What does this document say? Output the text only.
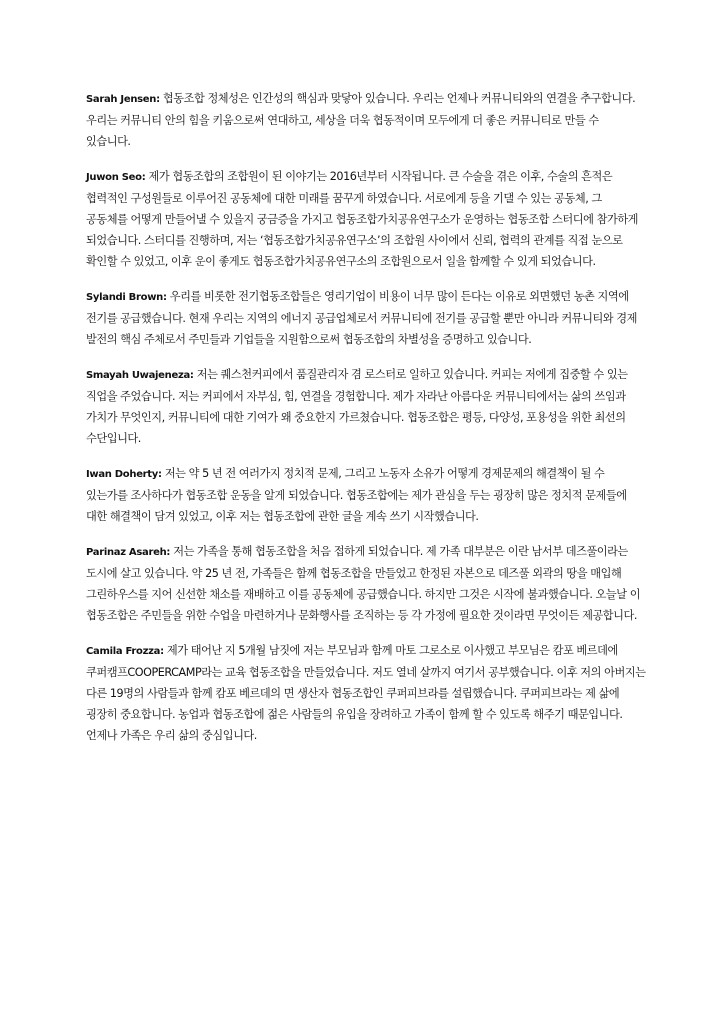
Sarah Jensen: 협동조합 정체성은 인간성의 핵심과 맞닿아 있습니다. 우리는 언제나 커뮤니티와의 연결을 추구합니다. 우리는 커뮤니티 안의 힘을 키움으로써 연대하고, 세상을 더욱 협동적이며 모두에게 더 좋은 커뮤니티로 만들 수 있습니다.

Juwon Seo: 제가 협동조합의 조합원이 된 이야기는 2016년부터 시작됩니다. 큰 수술을 겪은 이후, 수술의 흔적은 협력적인 구성원들로 이루어진 공동체에 대한 미래를 꿈꾸게 하였습니다. 서로에게 등을 기댈 수 있는 공동체, 그 공동체를 어떻게 만들어낼 수 있을지 궁금증을 가지고 협동조합가치공유연구소가 운영하는 협동조합 스터디에 참가하게 되었습니다. 스터디를 진행하며, 저는 ‘협동조합가치공유연구소’의 조합원 사이에서 신뢰, 협력의 관계를 직접 눈으로 확인할 수 있었고, 이후 운이 좋게도 협동조합가치공유연구소의 조합원으로서 일을 함께할 수 있게 되었습니다.

Sylandi Brown: 우리를 비롯한 전기협동조합들은 영리기업이 비용이 너무 많이 든다는 이유로 외면했던 농촌 지역에 전기를 공급했습니다. 현재 우리는 지역의 에너지 공급업체로서 커뮤니티에 전기를 공급할 뿐만 아니라 커뮤니티와 경제 발전의 핵심 주체로서 주민들과 기업들을 지원함으로써 협동조합의 차별성을 증명하고 있습니다.

Smayah Uwajeneza: 저는 퀘스천커피에서 품질관리자 겸 로스터로 일하고 있습니다. 커피는 저에게 집중할 수 있는 직업을 주었습니다. 저는 커피에서 자부심, 힘, 연결을 경험합니다. 제가 자라난 아름다운 커뮤니티에서는 삶의 쓰임과 가치가 무엇인지, 커뮤니티에 대한 기여가 왜 중요한지 가르쳤습니다. 협동조합은 평등, 다양성, 포용성을 위한 최선의 수단입니다.

Iwan Doherty: 저는 약 5 년 전 여러가지 정치적 문제, 그리고 노동자 소유가 어떻게 경제문제의 해결책이 될 수 있는가를 조사하다가 협동조합 운동을 알게 되었습니다. 협동조합에는 제가 관심을 두는 굉장히 많은 정치적 문제들에 대한 해결책이 담겨 있었고, 이후 저는 협동조합에 관한 글을 계속 쓰기 시작했습니다.

Parinaz Asareh: 저는 가족을 통해 협동조합을 처음 접하게 되었습니다. 제 가족 대부분은 이란 남서부 데즈풀이라는 도시에 살고 있습니다. 약 25 년 전, 가족들은 함께 협동조합을 만들었고 한정된 자본으로 데즈풀 외곽의 땅을 매입해 그린하우스를 지어 신선한 채소를 재배하고 이를 공동체에 공급했습니다. 하지만 그것은 시작에 불과했습니다. 오늘날 이 협동조합은 주민들을 위한 수업을 마련하거나 문화행사를 조직하는 등 각 가정에 필요한 것이라면 무엇이든 제공합니다.

Camila Frozza: 제가 태어난 지 5개월 남짓에 저는 부모님과 함께 마토 그로소로 이사했고 부모님은 캄포 베르데에 쿠퍼캠프COOPERCAMP라는 교육 협동조합을 만들었습니다. 저도 열네 살까지 여기서 공부했습니다. 이후 저의 아버지는 다른 19명의 사람들과 함께 캄포 베르데의 면 생산자 협동조합인 쿠퍼피브라를 설립했습니다. 쿠퍼피브라는 제 삶에 굉장히 중요합니다. 농업과 협동조합에 젊은 사람들의 유입을 장려하고 가족이 함께 할 수 있도록 해주기 때문입니다. 언제나 가족은 우리 삶의 중심입니다.
